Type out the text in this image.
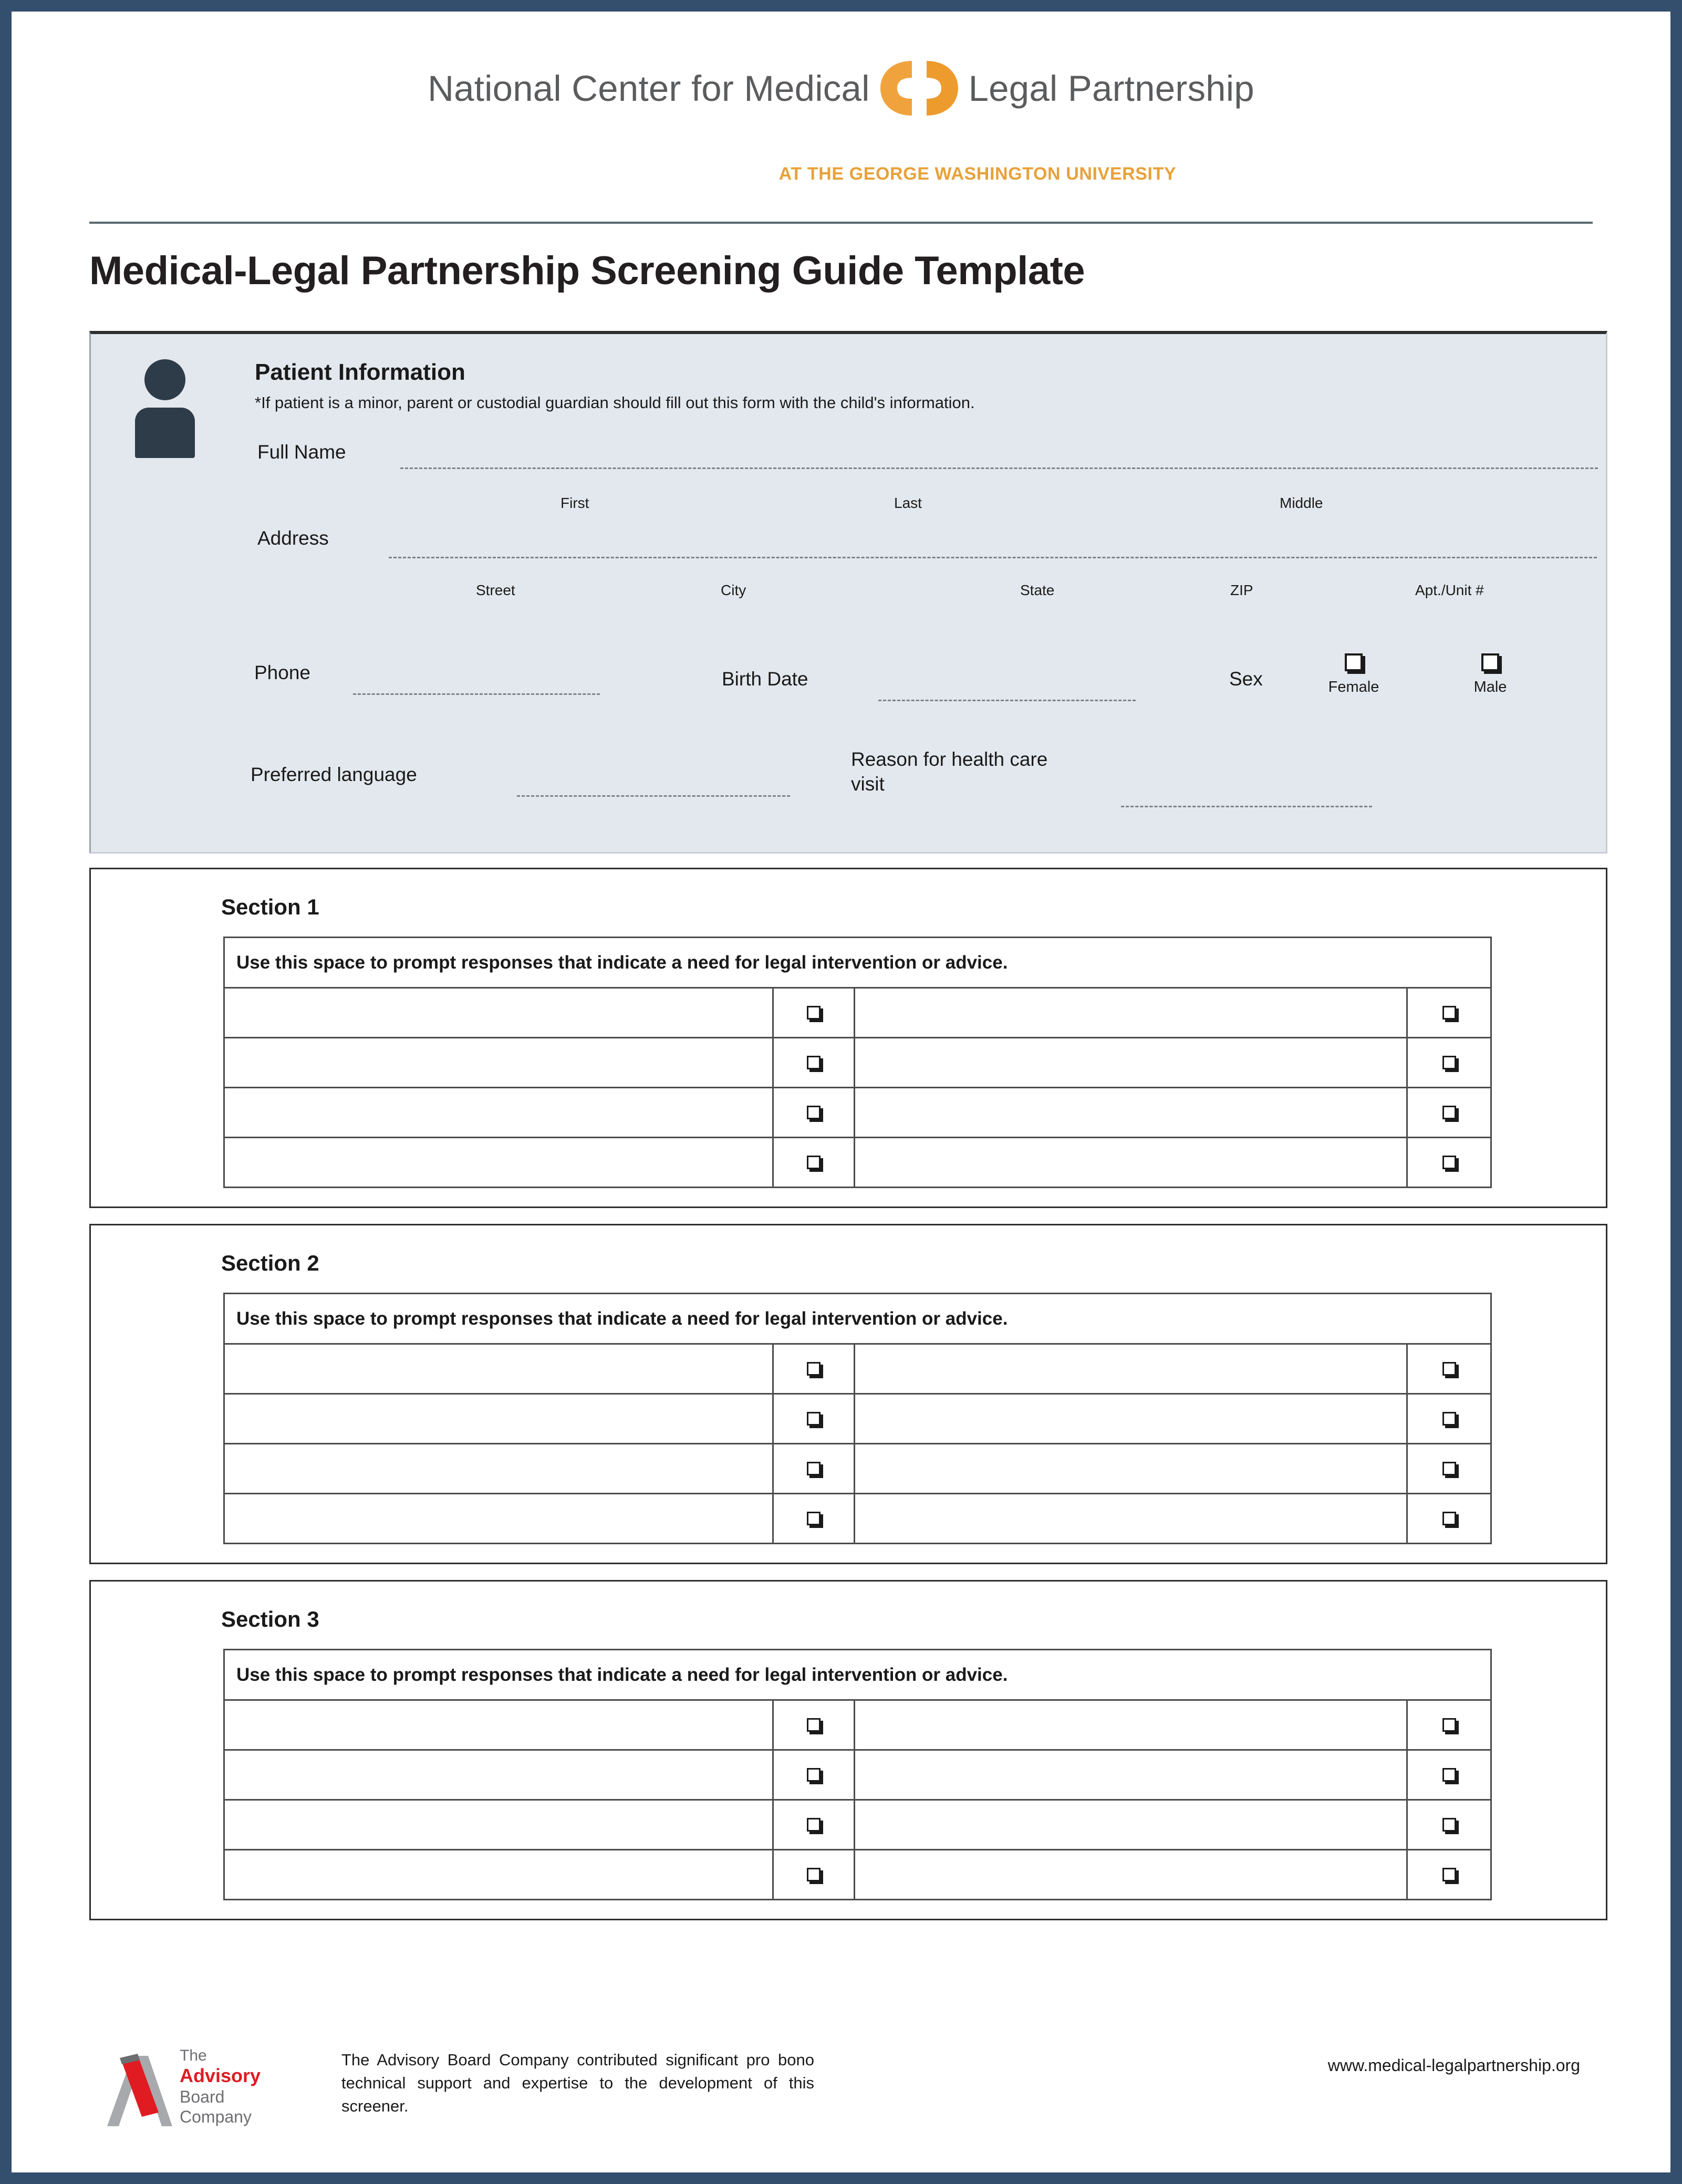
National Center for Medical	Legal Partnership
AT THE GEORGE WASHINGTON UNIVERSITY
Medical-Legal Partnership Screening Guide Template
Patient Information
*If patient is a minor, parent or custodial guardian should fill out this form with the child's information.
Full Name
First	Last	Middle
Address
Street	City	State	ZIP	Apt./Unit #
Phone	Birth Date	Sex	Female	Male
Preferred language
Reason for health care visit
Section 1
Use this space to prompt responses that indicate a need for legal intervention or advice.			

Section 2
Use this space to prompt responses that indicate a need for legal intervention or advice.			

Section 3
Use this space to prompt responses that indicate a need for legal intervention or advice.			

The
Advisory
Board
Company
The Advisory Board Company contributed significant pro bono technical support and expertise to the development of this screener.
www.medical-legalpartnership.org
